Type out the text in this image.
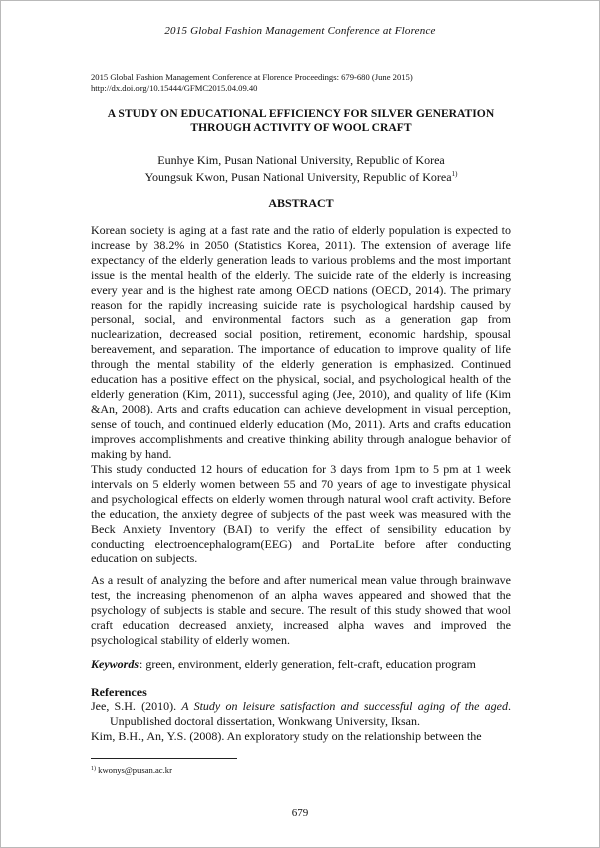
2015 Global Fashion Management Conference at Florence
2015 Global Fashion Management Conference at Florence Proceedings: 679-680 (June 2015)
http://dx.doi.org/10.15444/GFMC2015.04.09.40
A STUDY ON EDUCATIONAL EFFICIENCY FOR SILVER GENERATION
THROUGH ACTIVITY OF WOOL CRAFT
Eunhye Kim, Pusan National University, Republic of Korea
Youngsuk Kwon, Pusan National University, Republic of Korea$^{1)}$
ABSTRACT

Korean society is aging at a fast rate and the ratio of elderly population is expected to increase by 38.2% in 2050 (Statistics Korea, 2011). The extension of average life expectancy of the elderly generation leads to various problems and the most important issue is the mental health of the elderly. The suicide rate of the elderly is increasing every year and is the highest rate among OECD nations (OECD, 2014). The primary reason for the rapidly increasing suicide rate is psychological hardship caused by personal, social, and environmental factors such as a generation gap from nuclearization, decreased social position, retirement, economic hardship, spousal bereavement, and separation. The importance of education to improve quality of life through the mental stability of the elderly generation is emphasized. Continued education has a positive effect on the physical, social, and psychological health of the elderly generation (Kim, 2011), successful aging (Jee, 2010), and quality of life (Kim &An, 2008). Arts and crafts education can achieve development in visual perception, sense of touch, and continued elderly education (Mo, 2011). Arts and crafts education improves accomplishments and creative thinking ability through analogue behavior of making by hand.

This study conducted 12 hours of education for 3 days from 1pm to 5 pm at 1 week intervals on 5 elderly women between 55 and 70 years of age to investigate physical and psychological effects on elderly women through natural wool craft activity. Before the education, the anxiety degree of subjects of the past week was measured with the Beck Anxiety Inventory (BAI) to verify the effect of sensibility education by conducting electroencephalogram(EEG) and PortaLite before after conducting education on subjects.

As a result of analyzing the before and after numerical mean value through brainwave test, the increasing phenomenon of an alpha waves appeared and showed that the psychology of subjects is stable and secure. The result of this study showed that wool craft education decreased anxiety, increased alpha waves and improved the psychological stability of elderly women.

Keywords: green, environment, elderly generation, felt-craft, education program
References

Jee, S.H. (2010). A Study on leisure satisfaction and successful aging of the aged. Unpublished doctoral dissertation, Wonkwang University, Iksan.

Kim, B.H., An, Y.S. (2008). An exploratory study on the relationship between the

$^{1)}$ kwonys@pusan.ac.kr
679
